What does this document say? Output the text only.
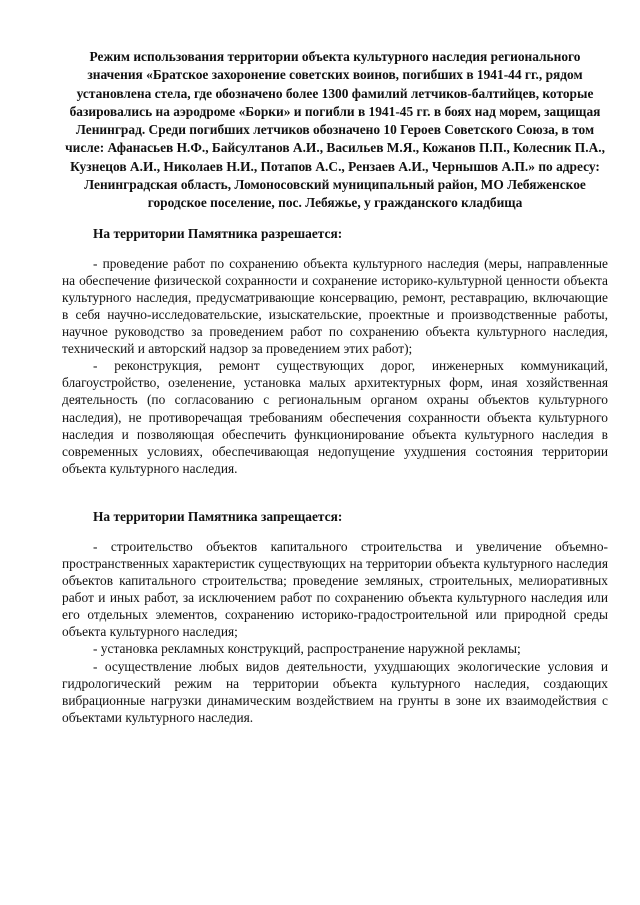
Режим использования территории объекта культурного наследия регионального значения «Братское захоронение советских воинов, погибших в 1941-44 гг., рядом установлена стела, где обозначено более 1300 фамилий летчиков-балтийцев, которые базировались на аэродроме «Борки» и погибли в 1941-45 гг. в боях над морем, защищая Ленинград. Среди погибших летчиков обозначено 10 Героев Советского Союза, в том числе: Афанасьев Н.Ф., Байсултанов А.И., Васильев М.Я., Кожанов П.П., Колесник П.А., Кузнецов А.И., Николаев Н.И., Потапов А.С., Рензаев А.И., Чернышов А.П.» по адресу: Ленинградская область, Ломоносовский муниципальный район, МО Лебяженское городское поселение, пос. Лебяжье, у гражданского кладбища

На территории Памятника разрешается:

- проведение работ по сохранению объекта культурного наследия (меры, направленные на обеспечение физической сохранности и сохранение историко-культурной ценности объекта культурного наследия, предусматривающие консервацию, ремонт, реставрацию, включающие в себя научно-исследовательские, изыскательские, проектные и производственные работы, научное руководство за проведением работ по сохранению объекта культурного наследия, технический и авторский надзор за проведением этих работ);

- реконструкция, ремонт существующих дорог, инженерных коммуникаций, благоустройство, озеленение, установка малых архитектурных форм, иная хозяйственная деятельность (по согласованию с региональным органом охраны объектов культурного наследия), не противоречащая требованиям обеспечения сохранности объекта культурного наследия и позволяющая обеспечить функционирование объекта культурного наследия в современных условиях, обеспечивающая недопущение ухудшения состояния территории объекта культурного наследия.

На территории Памятника запрещается:

- строительство объектов капитального строительства и увеличение объемно-пространственных характеристик существующих на территории объекта культурного наследия объектов капитального строительства; проведение земляных, строительных, мелиоративных работ и иных работ, за исключением работ по сохранению объекта культурного наследия или его отдельных элементов, сохранению историко-градостроительной или природной среды объекта культурного наследия;

- установка рекламных конструкций, распространение наружной рекламы;

- осуществление любых видов деятельности, ухудшающих экологические условия и гидрологический режим на территории объекта культурного наследия, создающих вибрационные нагрузки динамическим воздействием на грунты в зоне их взаимодействия с объектами культурного наследия.
